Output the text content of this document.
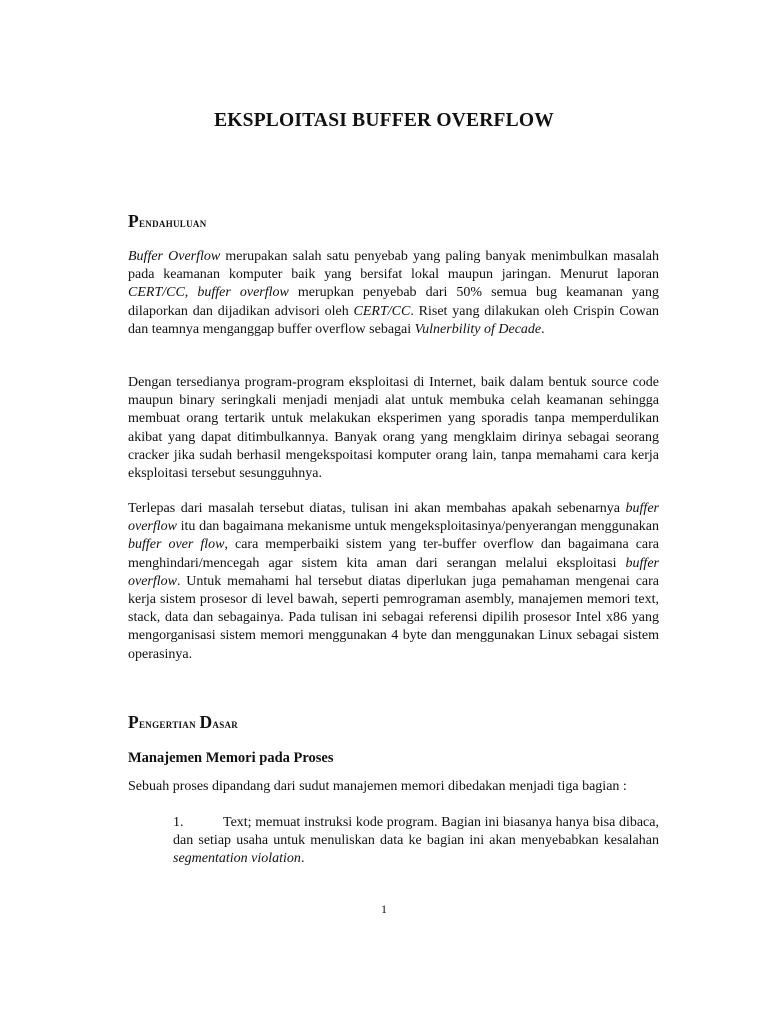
EKSPLOITASI BUFFER OVERFLOW
Pendahuluan

Buffer Overflow merupakan salah satu penyebab yang paling banyak menimbulkan masalah pada keamanan komputer baik yang bersifat lokal maupun jaringan. Menurut laporan CERT/CC, buffer overflow merupkan penyebab dari 50% semua bug keamanan yang dilaporkan dan dijadikan advisori oleh CERT/CC. Riset yang dilakukan oleh Crispin Cowan dan teamnya menganggap buffer overflow sebagai Vulnerbility of Decade.

Dengan tersedianya program-program eksploitasi di Internet, baik dalam bentuk source code maupun binary seringkali menjadi menjadi alat untuk membuka celah keamanan sehingga membuat orang tertarik untuk melakukan eksperimen yang sporadis tanpa memperdulikan akibat yang dapat ditimbulkannya. Banyak orang yang mengklaim dirinya sebagai seorang cracker jika sudah berhasil mengekspoitasi komputer orang lain, tanpa memahami cara kerja eksploitasi tersebut sesungguhnya.

Terlepas dari masalah tersebut diatas, tulisan ini akan membahas apakah sebenarnya buffer overflow itu dan bagaimana mekanisme untuk mengeksploitasinya/penyerangan menggunakan buffer over flow, cara memperbaiki sistem yang ter-buffer overflow dan bagaimana cara menghindari/mencegah agar sistem kita aman dari serangan melalui eksploitasi buffer overflow. Untuk memahami hal tersebut diatas diperlukan juga pemahaman mengenai cara kerja sistem prosesor di level bawah, seperti pemrograman asembly, manajemen memori text, stack, data dan sebagainya. Pada tulisan ini sebagai referensi dipilih prosesor Intel x86 yang mengorganisasi sistem memori menggunakan 4 byte dan menggunakan Linux sebagai sistem operasinya.

Pengertian Dasar
Manajemen Memori pada Proses

Sebuah proses dipandang dari sudut manajemen memori dibedakan menjadi tiga bagian :

1.	Text; memuat instruksi kode program. Bagian ini biasanya hanya bisa dibaca, dan setiap usaha untuk menuliskan data ke bagian ini akan menyebabkan kesalahan segmentation violation.
1
